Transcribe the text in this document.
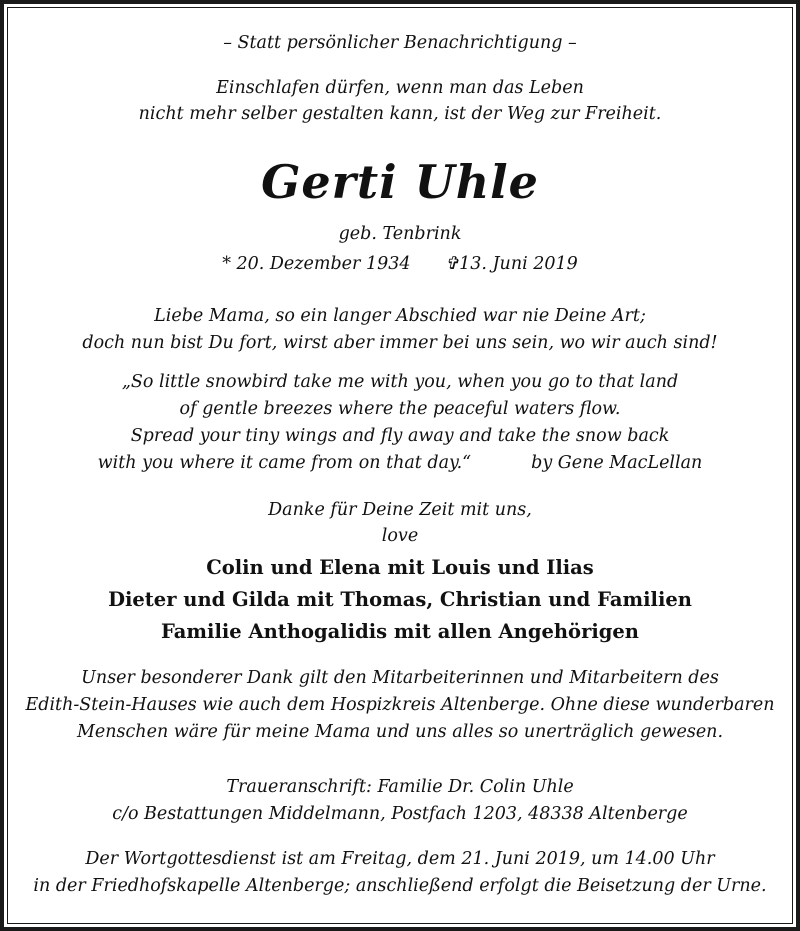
– Statt persönlicher Benachrichtigung –
Einschlafen dürfen, wenn man das Leben
nicht mehr selber gestalten kann, ist der Weg zur Freiheit.
Gerti Uhle
geb. Tenbrink
* 20. Dezember 1934 ✞13. Juni 2019
Liebe Mama, so ein langer Abschied war nie Deine Art;
doch nun bist Du fort, wirst aber immer bei uns sein, wo wir auch sind!
„So little snowbird take me with you, when you go to that land
of gentle breezes where the peaceful waters flow.
Spread your tiny wings and fly away and take the snow back
with you where it came from on that day.“	by Gene MacLellan
Danke für Deine Zeit mit uns,
love
Colin und Elena mit Louis und Ilias
Dieter und Gilda mit Thomas, Christian und Familien
Familie Anthogalidis mit allen Angehörigen
Unser besonderer Dank gilt den Mitarbeiterinnen und Mitarbeitern des
Edith-Stein-Hauses wie auch dem Hospizkreis Altenberge. Ohne diese wunderbaren
Menschen wäre für meine Mama und uns alles so unerträglich gewesen.
Traueranschrift: Familie Dr. Colin Uhle
c/o Bestattungen Middelmann, Postfach 1203, 48338 Altenberge
Der Wortgottesdienst ist am Freitag, dem 21. Juni 2019, um 14.00 Uhr
in der Friedhofskapelle Altenberge; anschließend erfolgt die Beisetzung der Urne.
